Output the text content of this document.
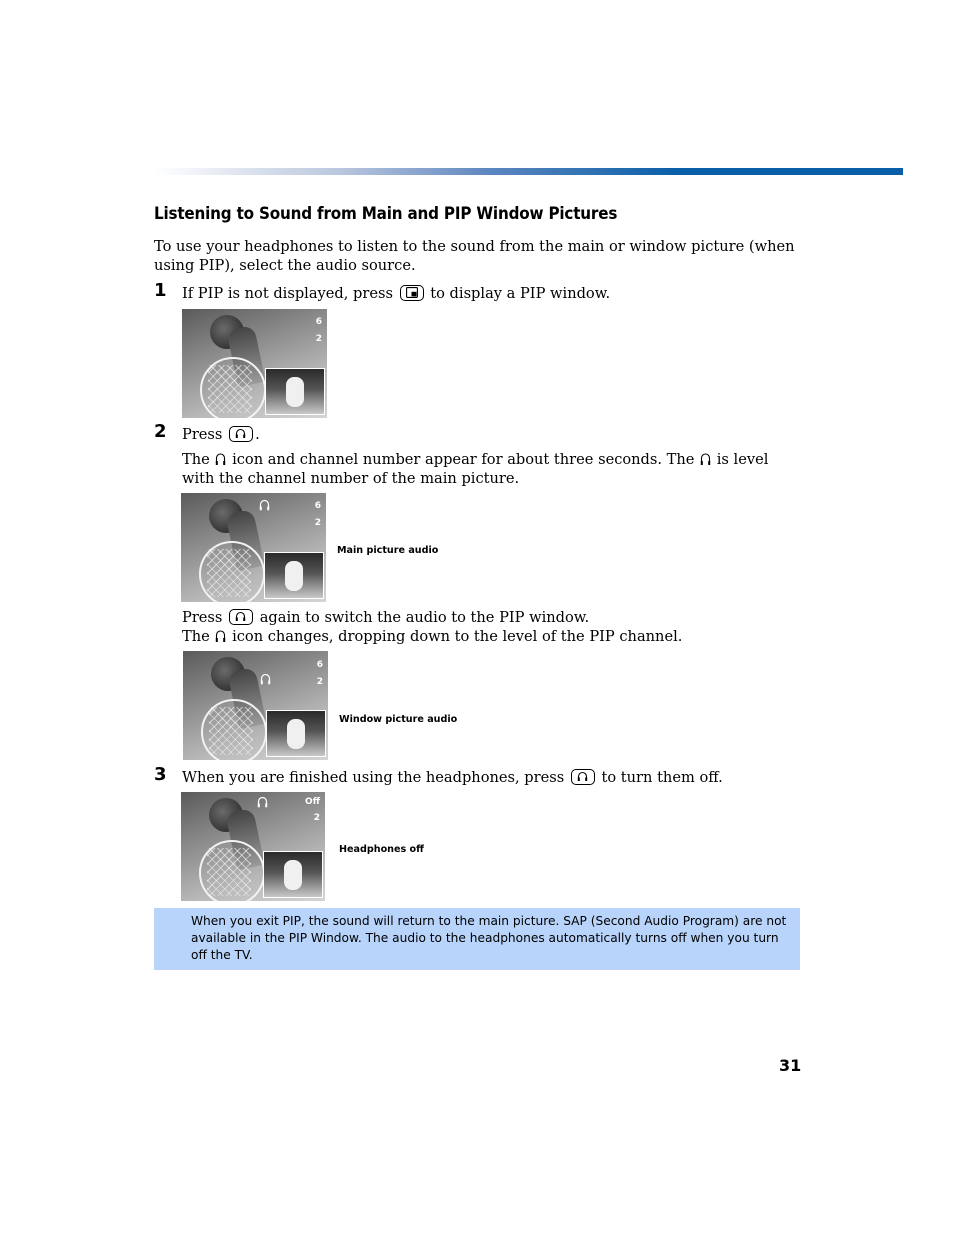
Listening to Sound from Main and PIP Window Pictures

To use your headphones to listen to the sound from the main or window picture (when using PIP), select the audio source.

1 If PIP is not displayed, press	to display a PIP window.

6
2
2 Press .

The icon and channel number appear for about three seconds. The is level with the channel number of the main picture.

6
2
Main picture audio

Press	again to switch the audio to the PIP window.

The icon changes, dropping down to the level of the PIP channel.

6
2
Window picture audio
3 When you are finished using the headphones, press	to turn them off.

Off
2
Headphones off

When you exit PIP, the sound will return to the main picture. SAP (Second Audio Program) are not available in the PIP Window. The audio to the headphones automatically turns off when you turn off the TV.

31
